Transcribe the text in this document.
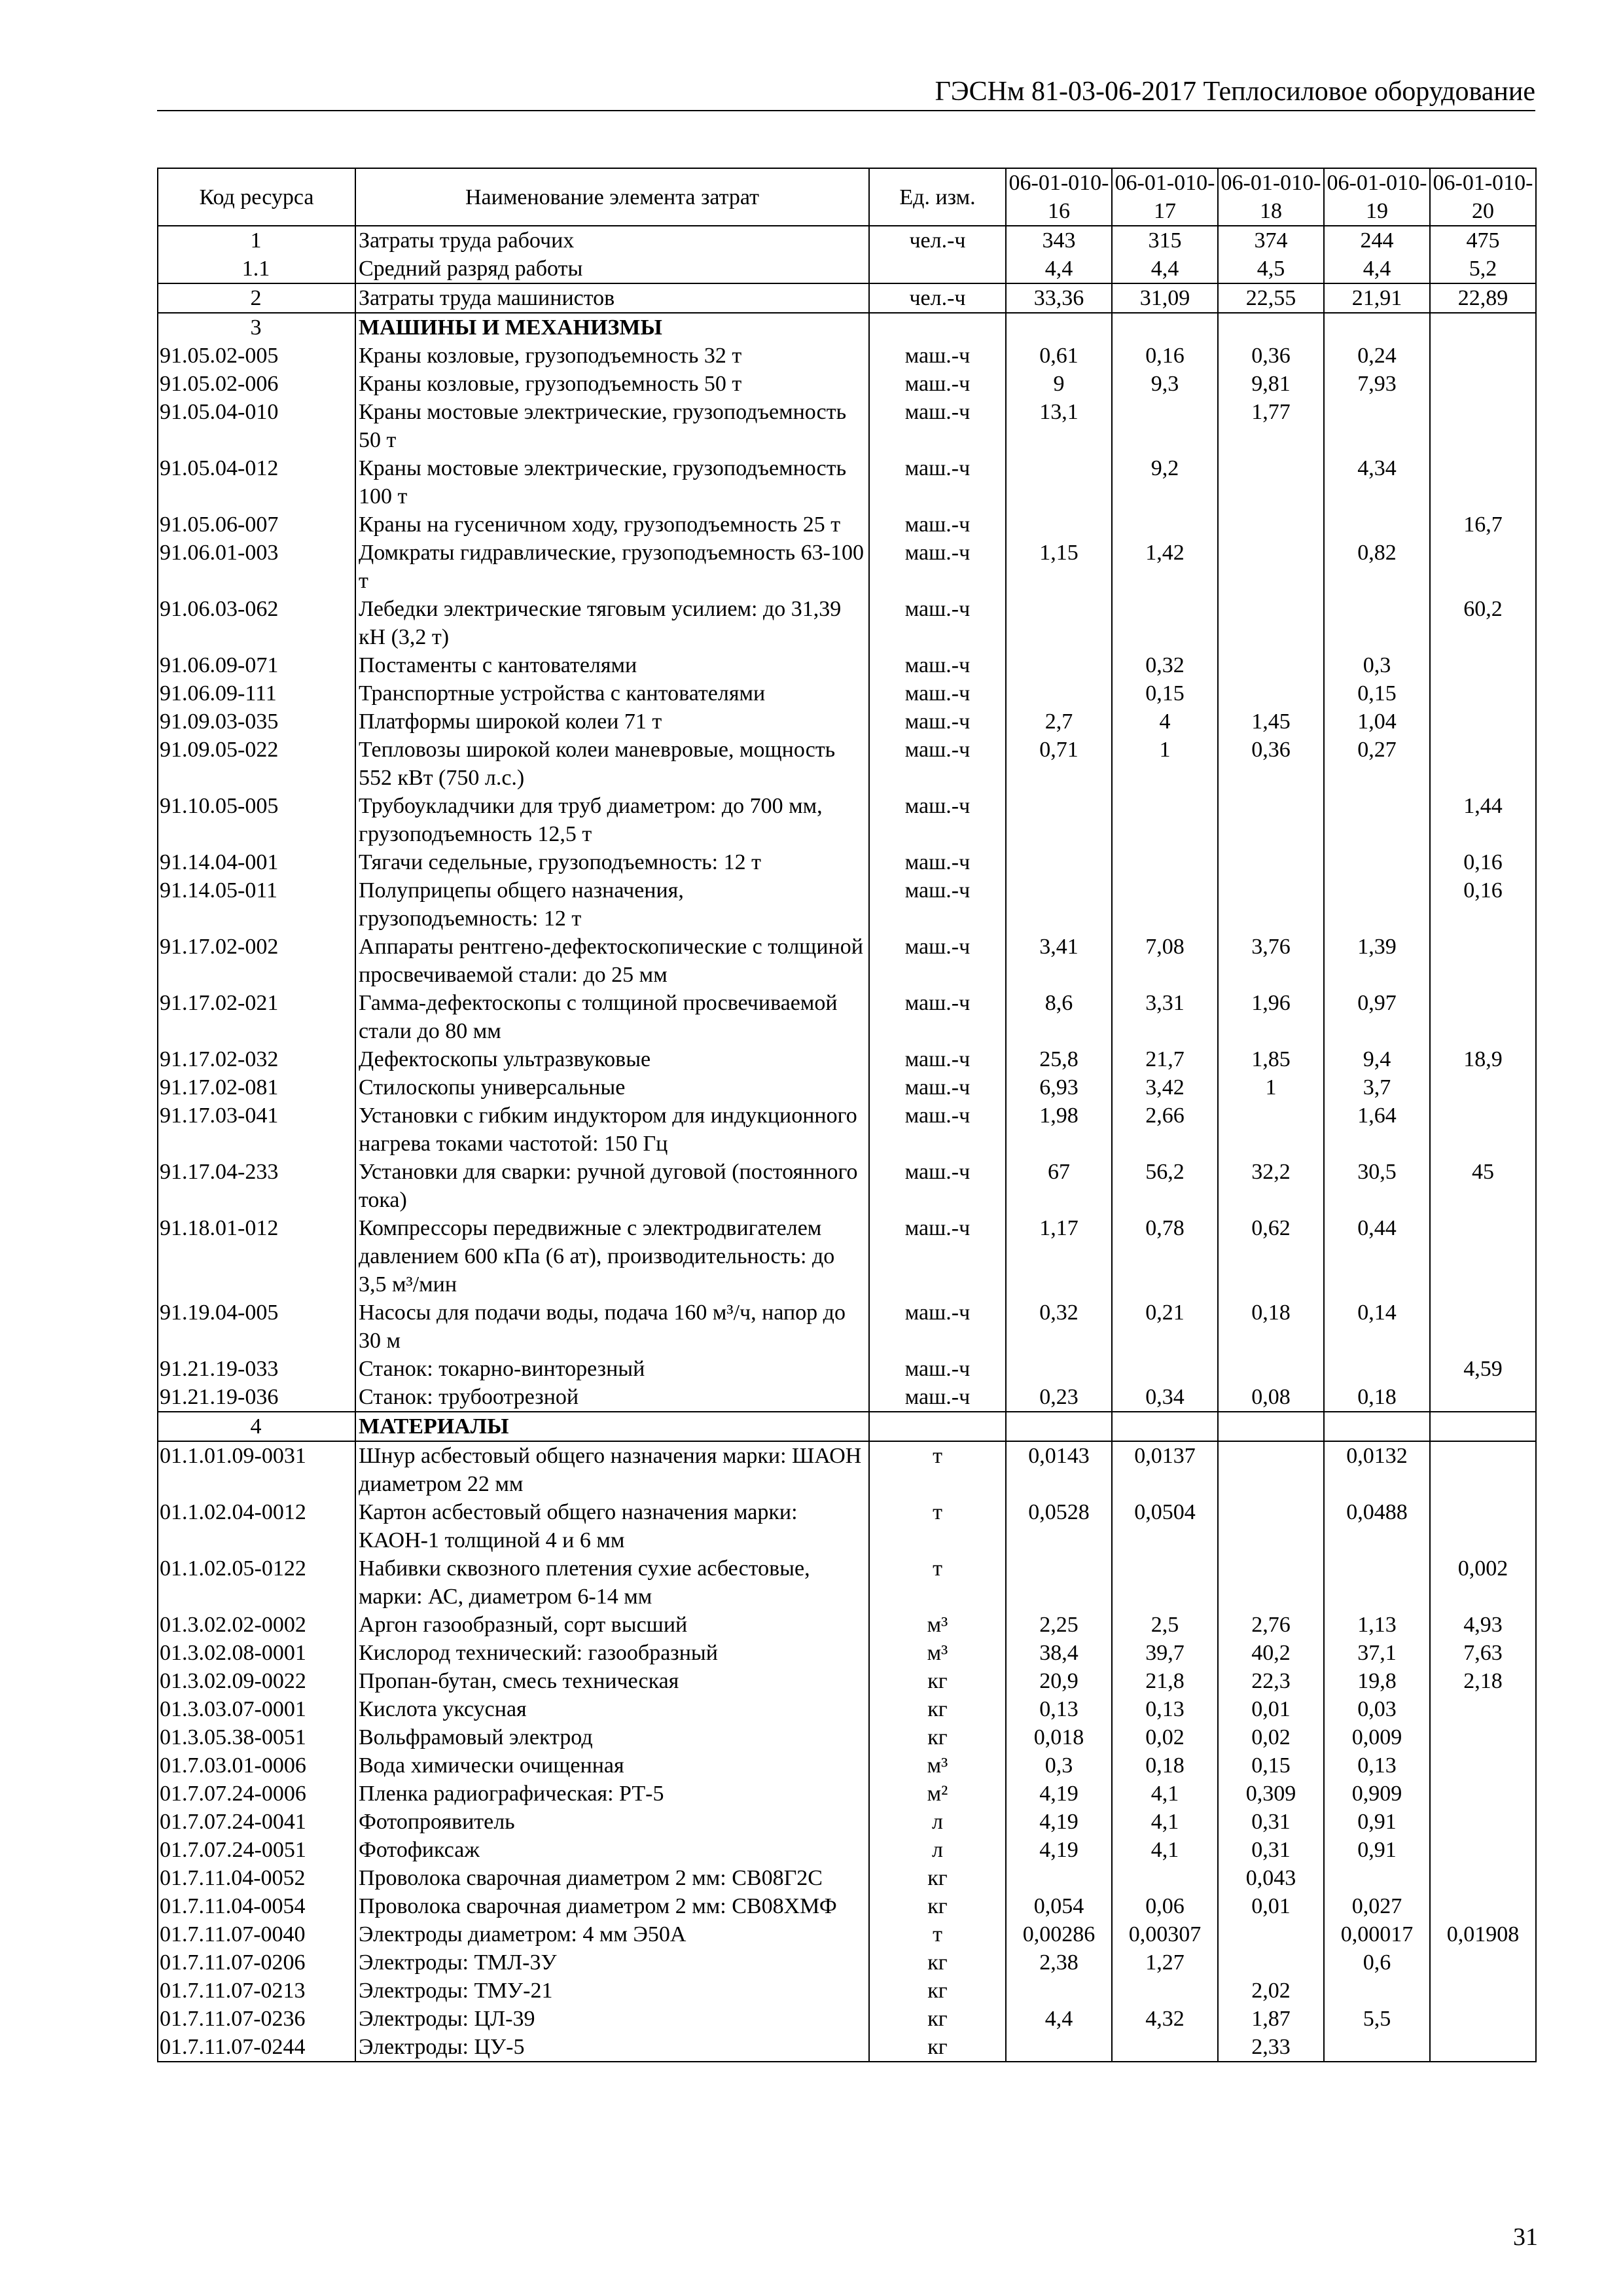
ГЭСНм 81-03-06-2017 Теплосиловое оборудование
Код ресурса	Наименование элемента затрат	Ед. изм.	06-01-010-16	06-01-010-17	06-01-010-18	06-01-010-19	06-01-010-20
1	Затраты труда рабочих	чел.-ч	343	315	374	244	475
1.1	Средний разряд работы		4,4	4,4	4,5	4,4	5,2
2	Затраты труда машинистов	чел.-ч	33,36	31,09	22,55	21,91	22,89
3	МАШИНЫ И МЕХАНИЗМЫ						
91.05.02-005	Краны козловые, грузоподъемность 32 т	маш.-ч	0,61	0,16	0,36	0,24	
91.05.02-006	Краны козловые, грузоподъемность 50 т	маш.-ч	9	9,3	9,81	7,93	
91.05.04-010	Краны мостовые электрические, грузоподъемность 50 т	маш.-ч	13,1		1,77		
91.05.04-012	Краны мостовые электрические, грузоподъемность 100 т	маш.-ч		9,2		4,34	
91.05.06-007	Краны на гусеничном ходу, грузоподъемность 25 т	маш.-ч					16,7
91.06.01-003	Домкраты гидравлические, грузоподъемность 63-100 т	маш.-ч	1,15	1,42		0,82	
91.06.03-062	Лебедки электрические тяговым усилием: до 31,39 кН (3,2 т)	маш.-ч					60,2
91.06.09-071	Постаменты с кантователями	маш.-ч		0,32		0,3	
91.06.09-111	Транспортные устройства с кантователями	маш.-ч		0,15		0,15	
91.09.03-035	Платформы широкой колеи 71 т	маш.-ч	2,7	4	1,45	1,04	
91.09.05-022	Тепловозы широкой колеи маневровые, мощность 552 кВт (750 л.с.)	маш.-ч	0,71	1	0,36	0,27	
91.10.05-005	Трубоукладчики для труб диаметром: до 700 мм, грузоподъемность 12,5 т	маш.-ч					1,44
91.14.04-001	Тягачи седельные, грузоподъемность: 12 т	маш.-ч					0,16
91.14.05-011	Полуприцепы общего назначения, грузоподъемность: 12 т	маш.-ч					0,16
91.17.02-002	Аппараты рентгено-дефектоскопические с толщиной просвечиваемой стали: до 25 мм	маш.-ч	3,41	7,08	3,76	1,39	
91.17.02-021	Гамма-дефектоскопы с толщиной просвечиваемой стали до 80 мм	маш.-ч	8,6	3,31	1,96	0,97	
91.17.02-032	Дефектоскопы ультразвуковые	маш.-ч	25,8	21,7	1,85	9,4	18,9
91.17.02-081	Стилоскопы универсальные	маш.-ч	6,93	3,42	1	3,7	
91.17.03-041	Установки с гибким индуктором для индукционного нагрева токами частотой: 150 Гц	маш.-ч	1,98	2,66		1,64	
91.17.04-233	Установки для сварки: ручной дуговой (постоянного тока)	маш.-ч	67	56,2	32,2	30,5	45
91.18.01-012	Компрессоры передвижные с электродвигателем давлением 600 кПа (6 ат), производительность: до 3,5 м³/мин	маш.-ч	1,17	0,78	0,62	0,44	
91.19.04-005	Насосы для подачи воды, подача 160 м³/ч, напор до 30 м	маш.-ч	0,32	0,21	0,18	0,14	
91.21.19-033	Станок: токарно-винторезный	маш.-ч					4,59
91.21.19-036	Станок: трубоотрезной	маш.-ч	0,23	0,34	0,08	0,18	
4	МАТЕРИАЛЫ						
01.1.01.09-0031	Шнур асбестовый общего назначения марки: ШАОН диаметром 22 мм	т	0,0143	0,0137		0,0132	
01.1.02.04-0012	Картон асбестовый общего назначения марки: КАОН-1 толщиной 4 и 6 мм	т	0,0528	0,0504		0,0488	
01.1.02.05-0122	Набивки сквозного плетения сухие асбестовые, марки: АС, диаметром 6-14 мм	т					0,002
01.3.02.02-0002	Аргон газообразный, сорт высший	м³	2,25	2,5	2,76	1,13	4,93
01.3.02.08-0001	Кислород технический: газообразный	м³	38,4	39,7	40,2	37,1	7,63
01.3.02.09-0022	Пропан-бутан, смесь техническая	кг	20,9	21,8	22,3	19,8	2,18
01.3.03.07-0001	Кислота уксусная	кг	0,13	0,13	0,01	0,03	
01.3.05.38-0051	Вольфрамовый электрод	кг	0,018	0,02	0,02	0,009	
01.7.03.01-0006	Вода химически очищенная	м³	0,3	0,18	0,15	0,13	
01.7.07.24-0006	Пленка радиографическая: РТ-5	м²	4,19	4,1	0,309	0,909	
01.7.07.24-0041	Фотопроявитель	л	4,19	4,1	0,31	0,91	
01.7.07.24-0051	Фотофиксаж	л	4,19	4,1	0,31	0,91	
01.7.11.04-0052	Проволока сварочная диаметром 2 мм: СВ08Г2С	кг			0,043		
01.7.11.04-0054	Проволока сварочная диаметром 2 мм: СВ08ХМФ	кг	0,054	0,06	0,01	0,027	
01.7.11.07-0040	Электроды диаметром: 4 мм Э50А	т	0,00286	0,00307		0,00017	0,01908
01.7.11.07-0206	Электроды: ТМЛ-3У	кг	2,38	1,27		0,6	
01.7.11.07-0213	Электроды: ТМУ-21	кг			2,02		
01.7.11.07-0236	Электроды: ЦЛ-39	кг	4,4	4,32	1,87	5,5	
01.7.11.07-0244	Электроды: ЦУ-5	кг			2,33		
31
